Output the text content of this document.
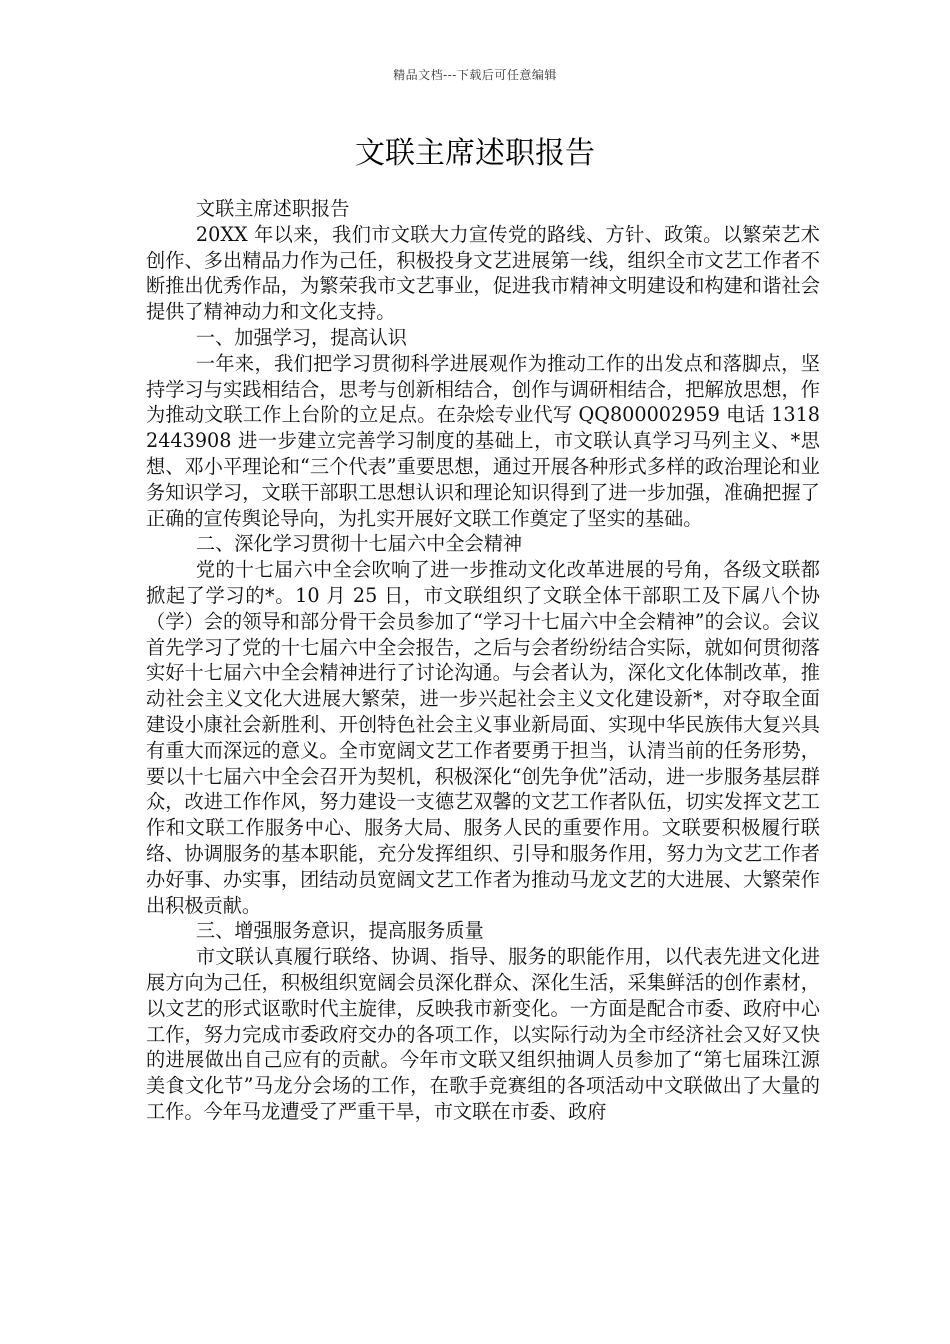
精品文档---下载后可任意编辑
文联主席述职报告

文联主席述职报告

20XX 年以来，我们市文联大力宣传党的路线、方针、政策。以繁荣艺术创作、多出精品力作为己任，积极投身文艺进展第一线，组织全市文艺工作者不断推出优秀作品，为繁荣我市文艺事业，促进我市精神文明建设和构建和谐社会提供了精神动力和文化支持。

一、加强学习，提高认识

一年来，我们把学习贯彻科学进展观作为推动工作的出发点和落脚点，坚持学习与实践相结合，思考与创新相结合，创作与调研相结合，把解放思想，作为推动文联工作上台阶的立足点。在杂烩专业代写 QQ800002959 电话 13182443908 进一步建立完善学习制度的基础上，市文联认真学习马列主义、*思想、邓小平理论和“三个代表”重要思想，通过开展各种形式多样的政治理论和业务知识学习，文联干部职工思想认识和理论知识得到了进一步加强，准确把握了正确的宣传舆论导向，为扎实开展好文联工作奠定了坚实的基础。

二、深化学习贯彻十七届六中全会精神

党的十七届六中全会吹响了进一步推动文化改革进展的号角，各级文联都掀起了学习的*。10 月 25 日，市文联组织了文联全体干部职工及下属八个协（学）会的领导和部分骨干会员参加了“学习十七届六中全会精神”的会议。会议首先学习了党的十七届六中全会报告，之后与会者纷纷结合实际，就如何贯彻落实好十七届六中全会精神进行了讨论沟通。与会者认为，深化文化体制改革，推动社会主义文化大进展大繁荣，进一步兴起社会主义文化建设新*，对夺取全面建设小康社会新胜利、开创特色社会主义事业新局面、实现中华民族伟大复兴具有重大而深远的意义。全市宽阔文艺工作者要勇于担当，认清当前的任务形势，要以十七届六中全会召开为契机，积极深化“创先争优”活动，进一步服务基层群众，改进工作作风，努力建设一支德艺双馨的文艺工作者队伍，切实发挥文艺工作和文联工作服务中心、服务大局、服务人民的重要作用。文联要积极履行联络、协调服务的基本职能，充分发挥组织、引导和服务作用，努力为文艺工作者办好事、办实事，团结动员宽阔文艺工作者为推动马龙文艺的大进展、大繁荣作出积极贡献。

三、增强服务意识，提高服务质量

市文联认真履行联络、协调、指导、服务的职能作用，以代表先进文化进展方向为己任，积极组织宽阔会员深化群众、深化生活，采集鲜活的创作素材，以文艺的形式讴歌时代主旋律，反映我市新变化。一方面是配合市委、政府中心工作，努力完成市委政府交办的各项工作，以实际行动为全市经济社会又好又快的进展做出自己应有的贡献。今年市文联又组织抽调人员参加了“第七届珠江源美食文化节”马龙分会场的工作，在歌手竞赛组的各项活动中文联做出了大量的工作。今年马龙遭受了严重干旱，市文联在市委、政府
